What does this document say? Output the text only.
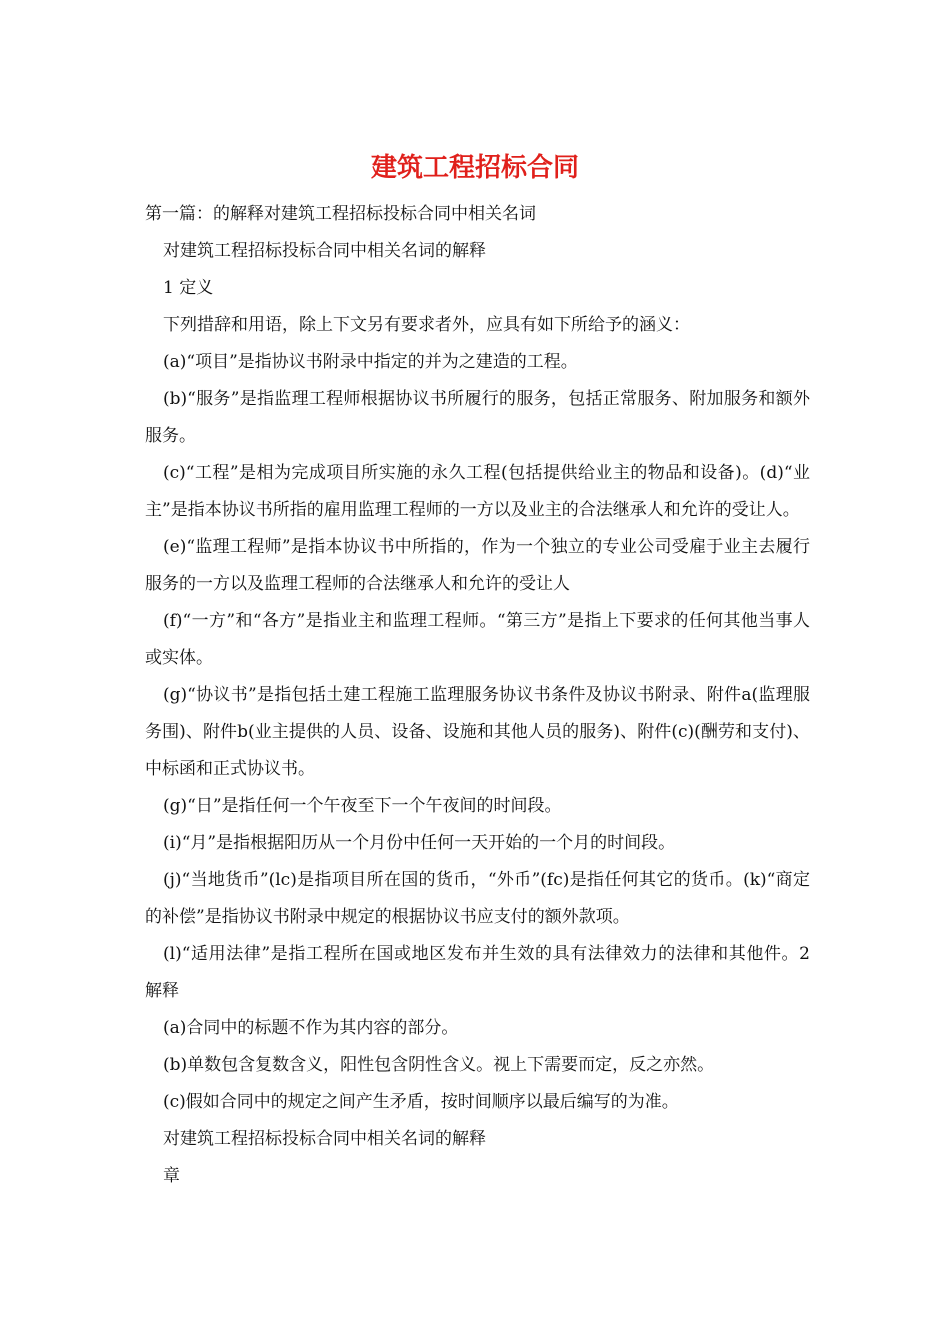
建筑工程招标合同

第一篇：的解释对建筑工程招标投标合同中相关名词

对建筑工程招标投标合同中相关名词的解释

1 定义

下列措辞和用语，除上下文另有要求者外，应具有如下所给予的涵义：

(a)“项目”是指协议书附录中指定的并为之建造的工程。

(b)“服务”是指监理工程师根据协议书所履行的服务，包括正常服务、附加服务和额外服务。

(c)“工程”是相为完成项目所实施的永久工程(包括提供给业主的物品和设备)。(d)“业主”是指本协议书所指的雇用监理工程师的一方以及业主的合法继承人和允许的受让人。

(e)“监理工程师”是指本协议书中所指的，作为一个独立的专业公司受雇于业主去履行服务的一方以及监理工程师的合法继承人和允许的受让人

(f)“一方”和“各方”是指业主和监理工程师。“第三方”是指上下要求的任何其他当事人或实体。

(g)“协议书”是指包括土建工程施工监理服务协议书条件及协议书附录、附件a(监理服务围)、附件b(业主提供的人员、设备、设施和其他人员的服务)、附件(c)(酬劳和支付)、中标函和正式协议书。

(g)“日”是指任何一个午夜至下一个午夜间的时间段。

(i)“月”是指根据阳历从一个月份中任何一天开始的一个月的时间段。

(j)“当地货币”(lc)是指项目所在国的货币，“外币”(fc)是指任何其它的货币。(k)“商定的补偿”是指协议书附录中规定的根据协议书应支付的额外款项。

(l)“适用法律”是指工程所在国或地区发布并生效的具有法律效力的法律和其他件。2 解释

(a)合同中的标题不作为其内容的部分。

(b)单数包含复数含义，阳性包含阴性含义。视上下需要而定，反之亦然。

(c)假如合同中的规定之间产生矛盾，按时间顺序以最后编写的为准。

对建筑工程招标投标合同中相关名词的解释

章
